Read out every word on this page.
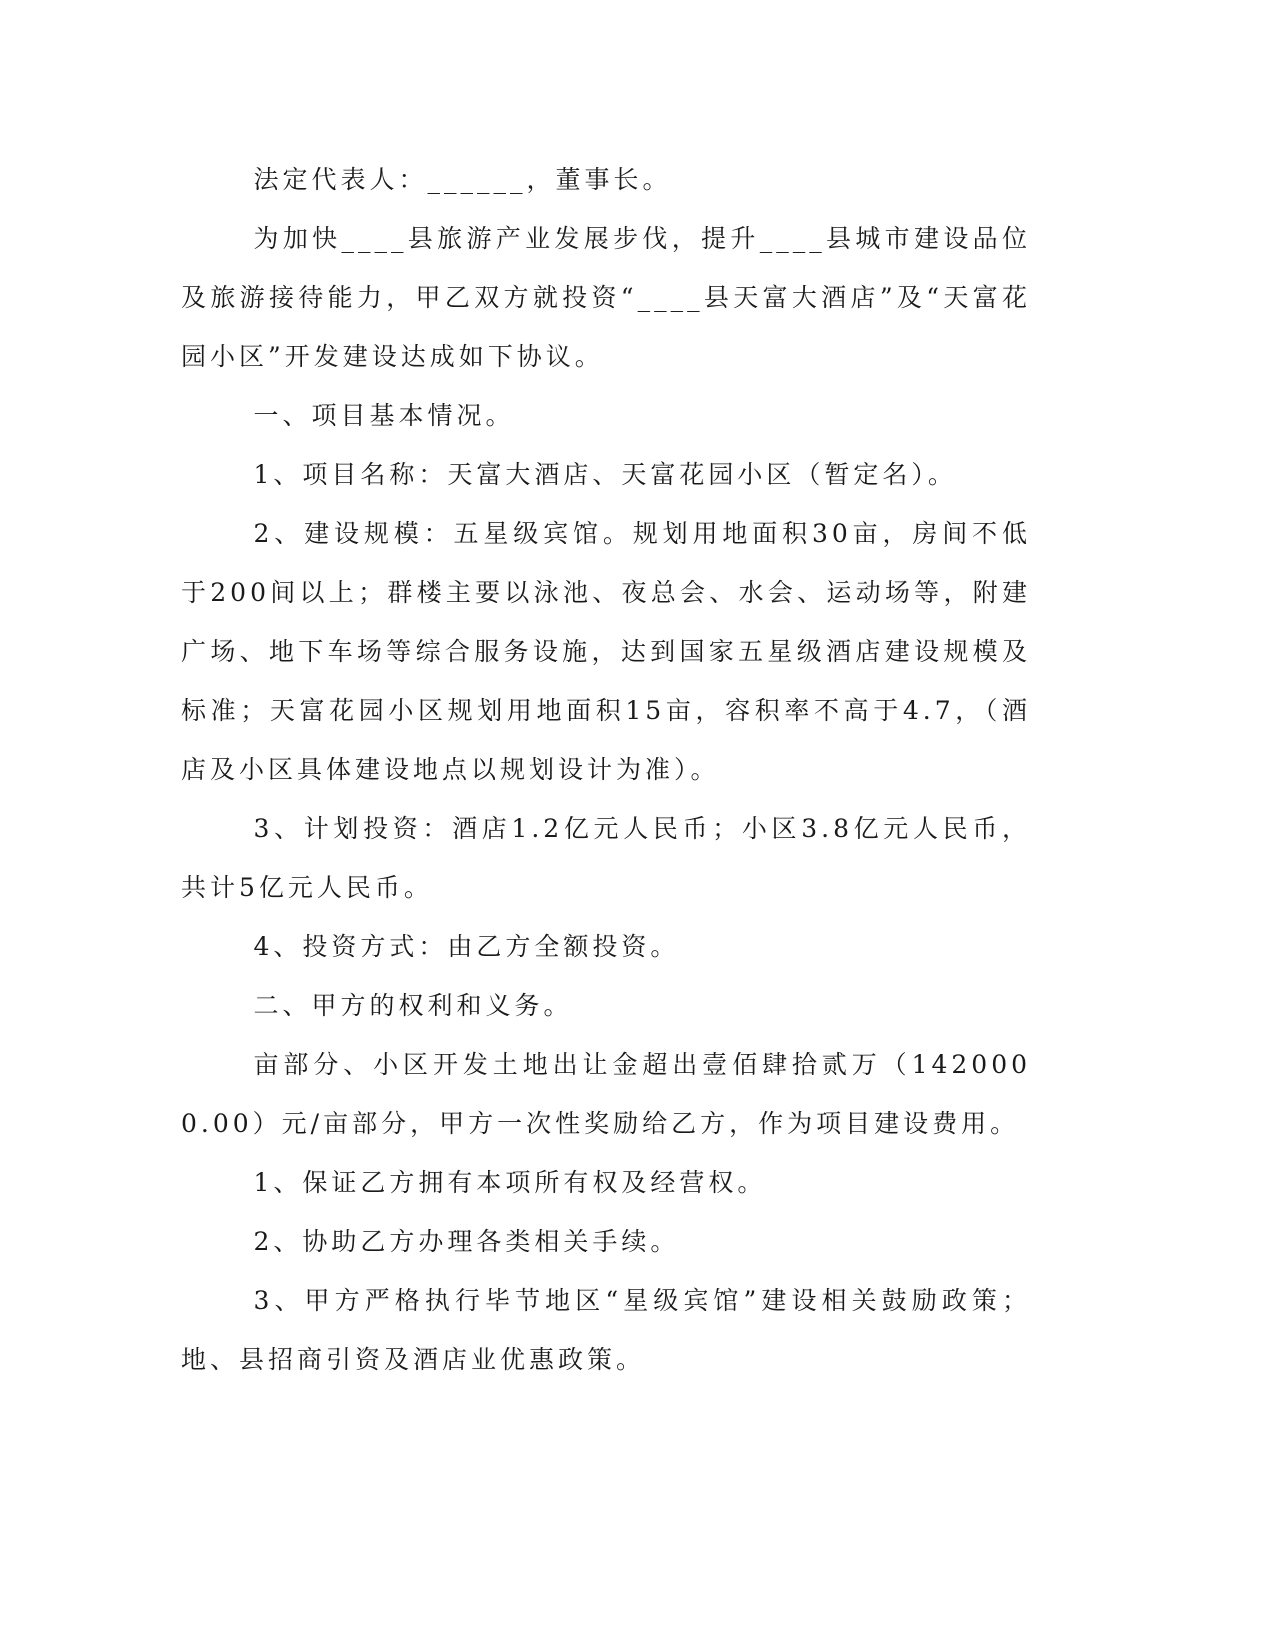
法定代表人：______，董事长。

为加快____县旅游产业发展步伐，提升____县城市建设品位及旅游接待能力，甲乙双方就投资“____县天富大酒店”及“天富花园小区”开发建设达成如下协议。

一、项目基本情况。

1、项目名称：天富大酒店、天富花园小区（暂定名）。

2、建设规模：五星级宾馆。规划用地面积30亩，房间不低于200间以上；群楼主要以泳池、夜总会、水会、运动场等，附建广场、地下车场等综合服务设施，达到国家五星级酒店建设规模及标准；天富花园小区规划用地面积15亩，容积率不高于4.7，（酒店及小区具体建设地点以规划设计为准）。

3、计划投资：酒店1.2亿元人民币；小区3.8亿元人民币，共计5亿元人民币。

4、投资方式：由乙方全额投资。

二、甲方的权利和义务。

亩部分、小区开发土地出让金超出壹佰肆拾贰万（1420000.00）元/亩部分，甲方一次性奖励给乙方，作为项目建设费用。

1、保证乙方拥有本项所有权及经营权。

2、协助乙方办理各类相关手续。

3、甲方严格执行毕节地区“星级宾馆”建设相关鼓励政策；地、县招商引资及酒店业优惠政策。
